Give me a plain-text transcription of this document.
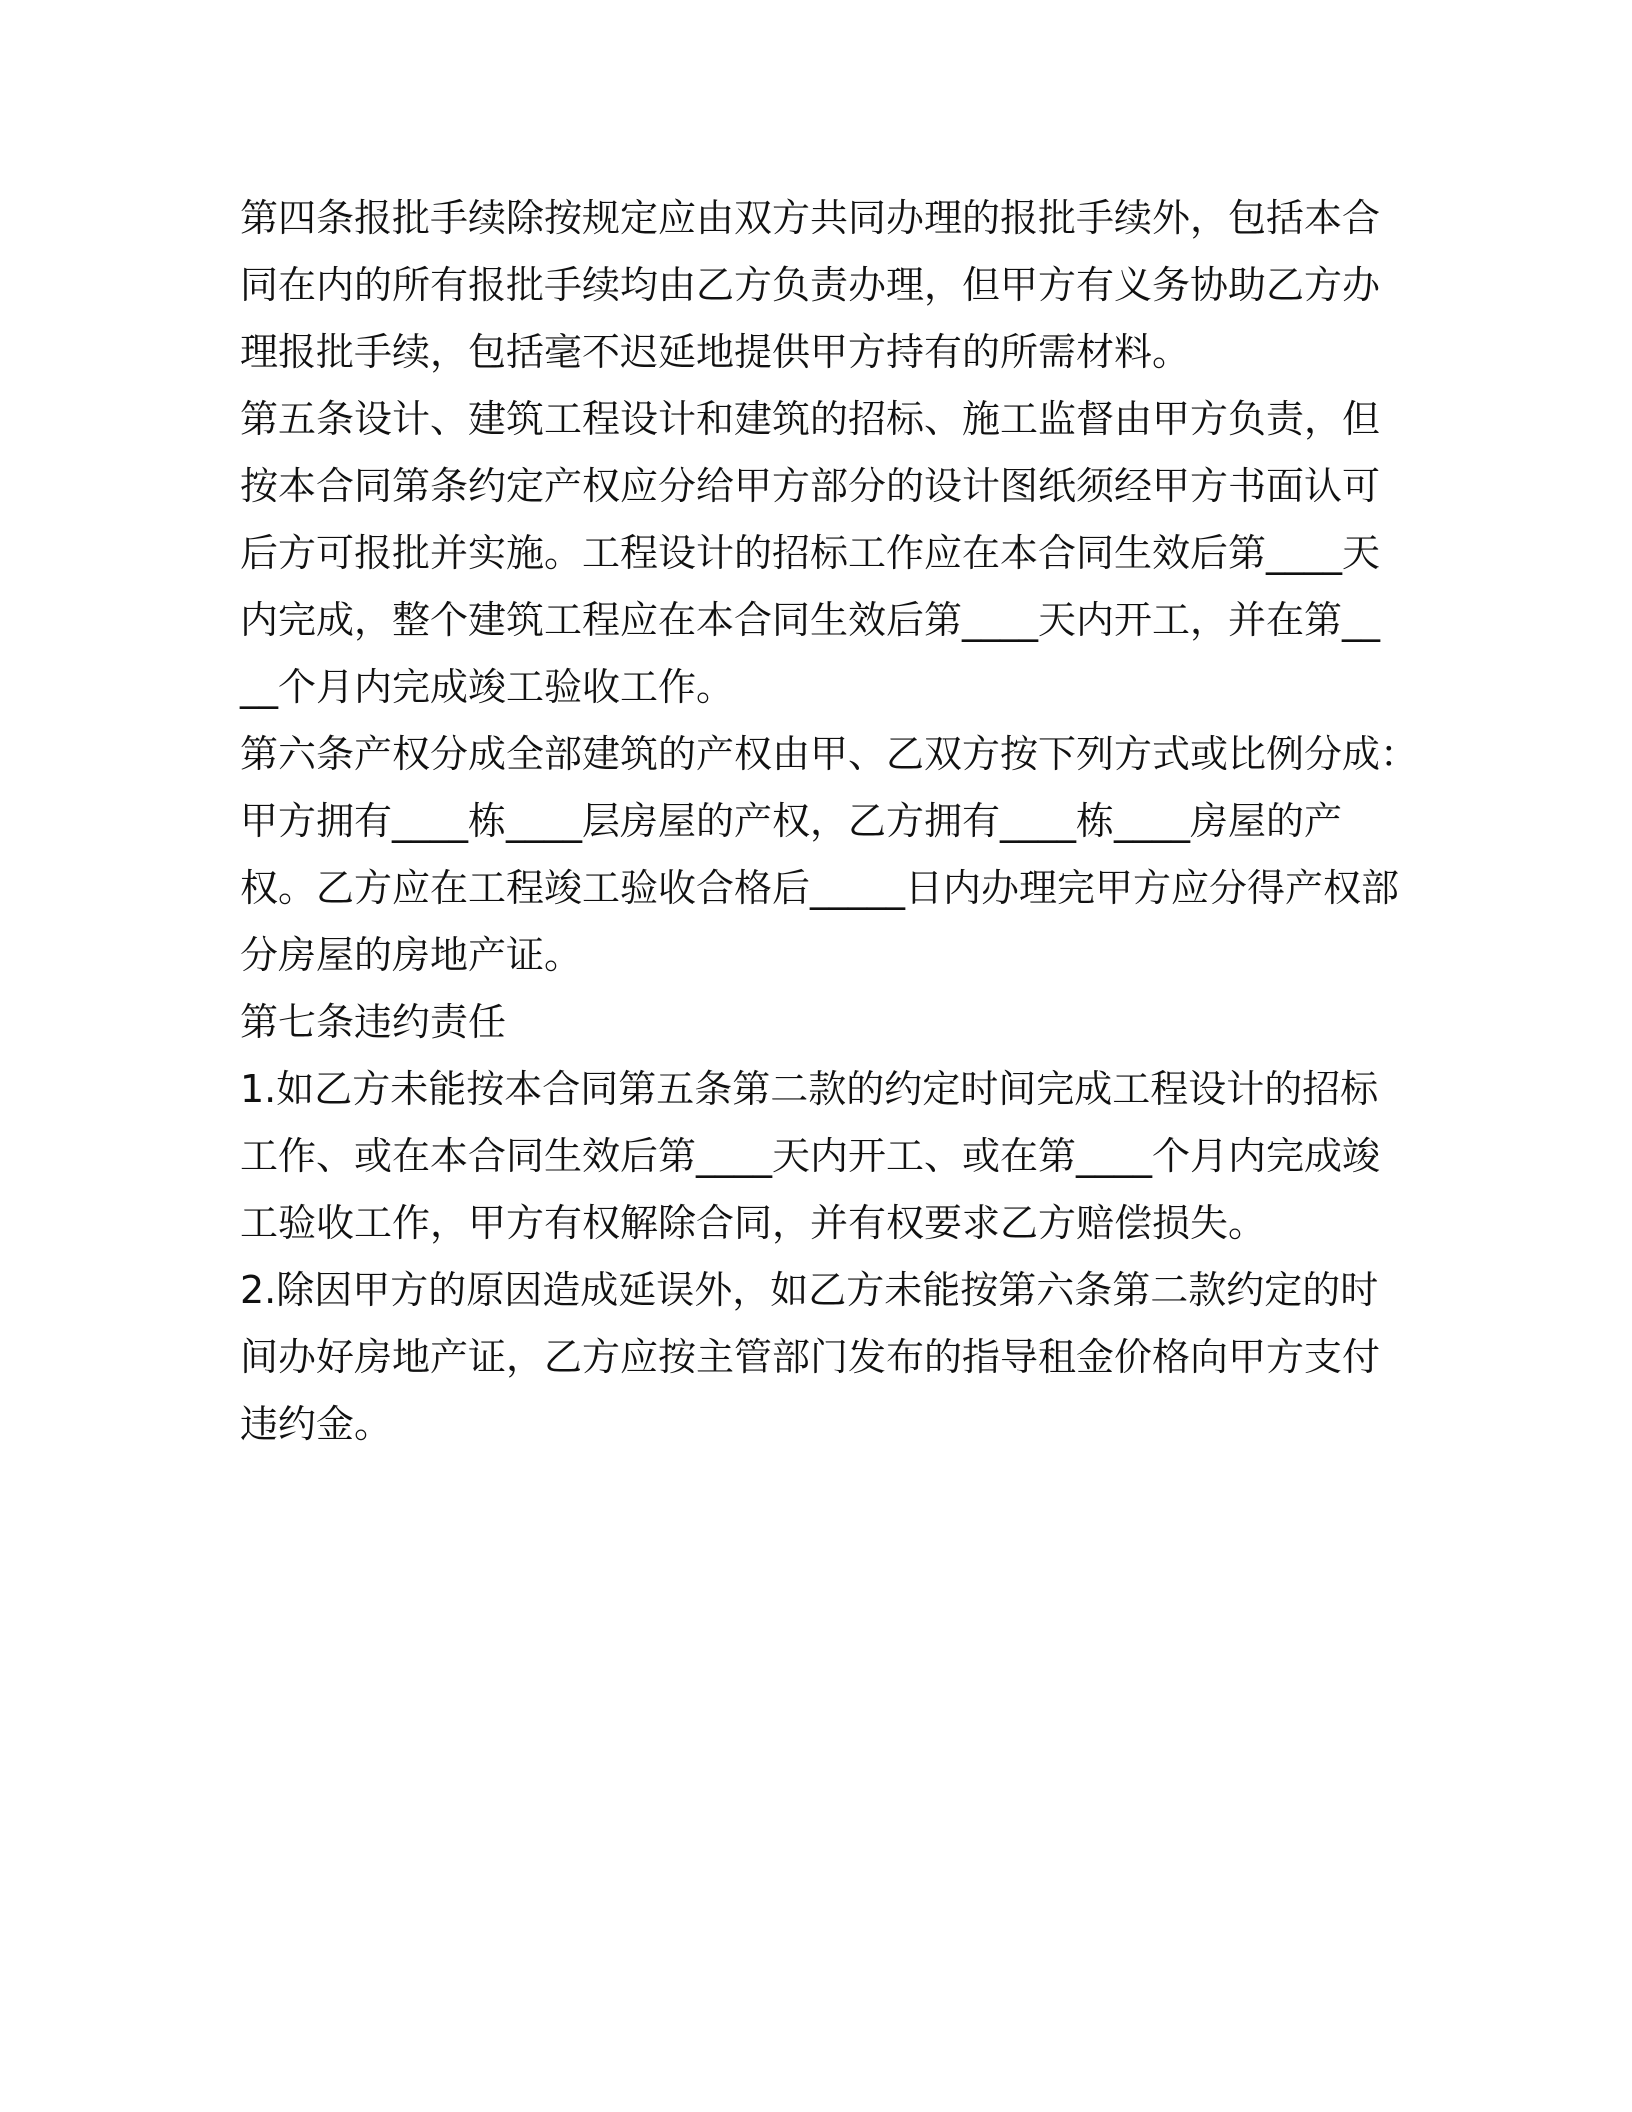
第四条报批手续除按规定应由双方共同办理的报批手续外，包括本合
同在内的所有报批手续均由乙方负责办理，但甲方有义务协助乙方办
理报批手续，包括毫不迟延地提供甲方持有的所需材料。
第五条设计、建筑工程设计和建筑的招标、施工监督由甲方负责，但
按本合同第条约定产权应分给甲方部分的设计图纸须经甲方书面认可
后方可报批并实施。工程设计的招标工作应在本合同生效后第____天
内完成，整个建筑工程应在本合同生效后第____天内开工，并在第__
__个月内完成竣工验收工作。
第六条产权分成全部建筑的产权由甲、乙双方按下列方式或比例分成：
甲方拥有____栋____层房屋的产权，乙方拥有____栋____房屋的产
权。乙方应在工程竣工验收合格后_____日内办理完甲方应分得产权部
分房屋的房地产证。
第七条违约责任
1.如乙方未能按本合同第五条第二款的约定时间完成工程设计的招标
工作、或在本合同生效后第____天内开工、或在第____个月内完成竣
工验收工作，甲方有权解除合同，并有权要求乙方赔偿损失。
2.除因甲方的原因造成延误外，如乙方未能按第六条第二款约定的时
间办好房地产证，乙方应按主管部门发布的指导租金价格向甲方支付
违约金。
